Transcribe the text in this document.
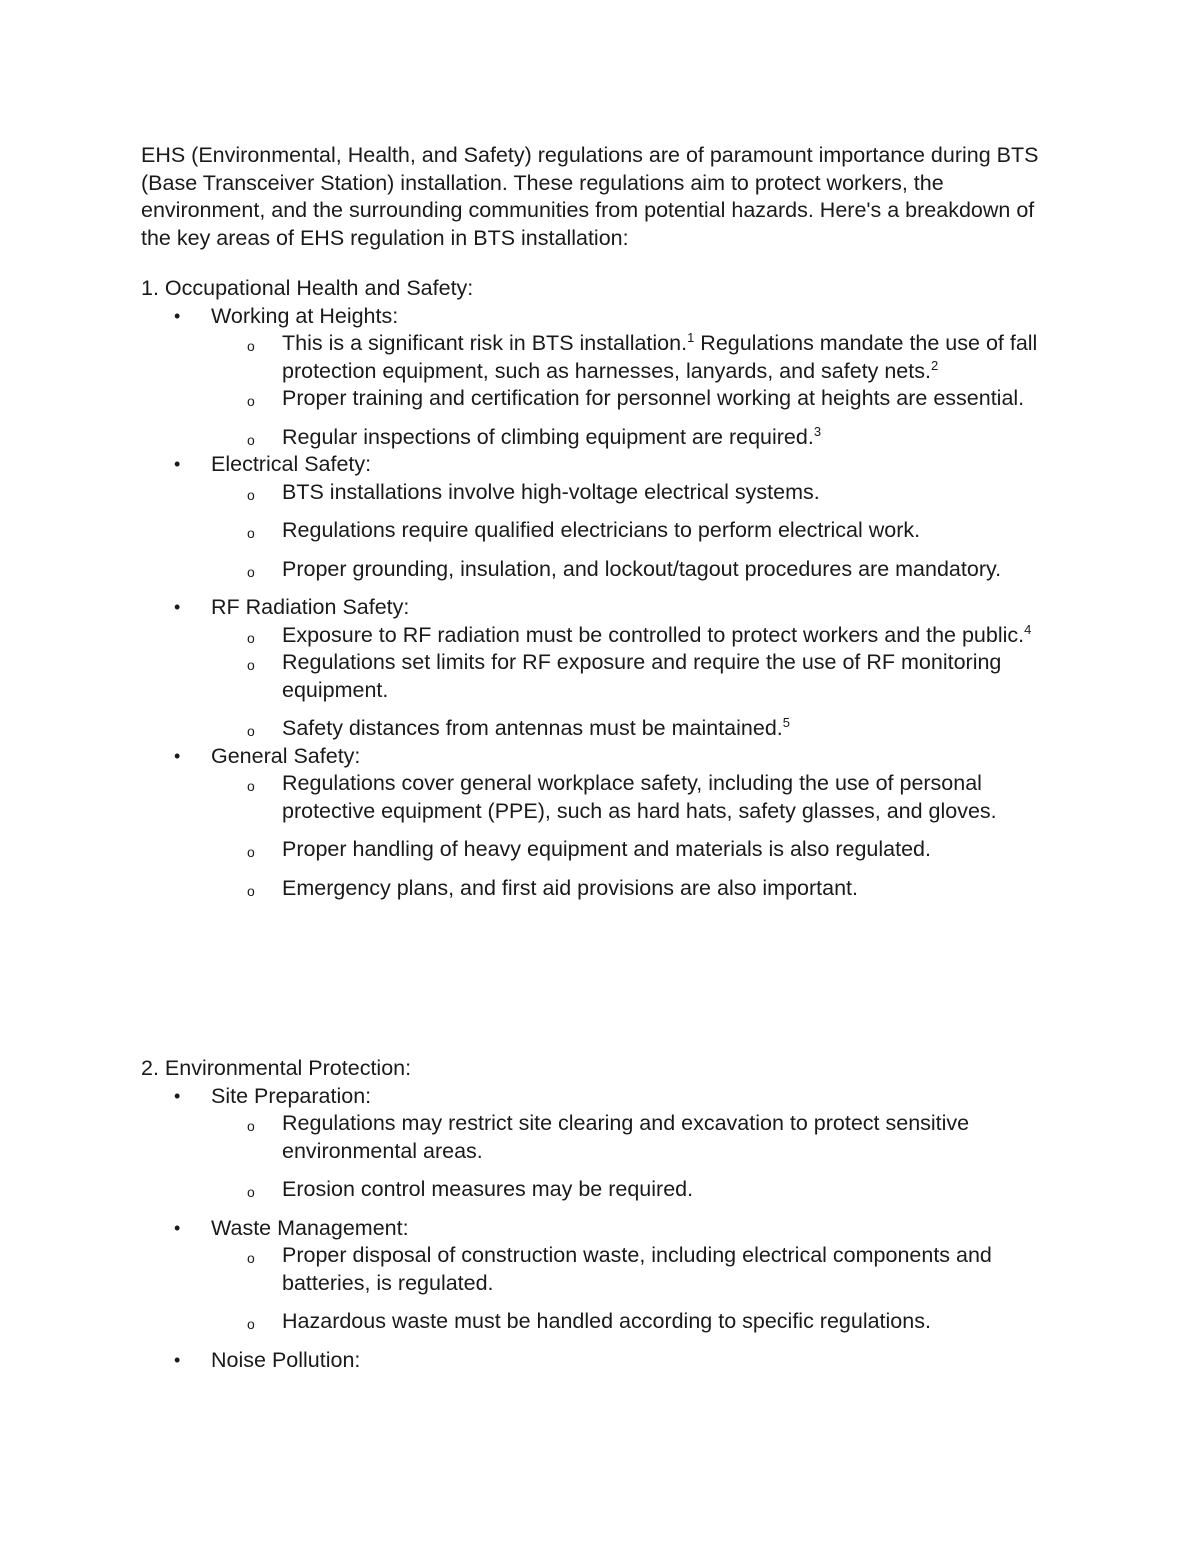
EHS (Environmental, Health, and Safety) regulations are of paramount importance during BTS (Base Transceiver Station) installation. These regulations aim to protect workers, the environment, and the surrounding communities from potential hazards. Here's a breakdown of the key areas of EHS regulation in BTS installation:

1. Occupational Health and Safety:
• Working at Heights:
o This is a significant risk in BTS installation.$^1$ Regulations mandate the use of fall protection equipment, such as harnesses, lanyards, and safety nets.$^2$
o Proper training and certification for personnel working at heights are essential.
o Regular inspections of climbing equipment are required.$^3$
• Electrical Safety:
o BTS installations involve high-voltage electrical systems.
o Regulations require qualified electricians to perform electrical work.
o Proper grounding, insulation, and lockout/tagout procedures are mandatory.
• RF Radiation Safety:
o Exposure to RF radiation must be controlled to protect workers and the public.$^4$
o Regulations set limits for RF exposure and require the use of RF monitoring equipment.
o Safety distances from antennas must be maintained.$^5$
• General Safety:
o Regulations cover general workplace safety, including the use of personal protective equipment (PPE), such as hard hats, safety glasses, and gloves.
o Proper handling of heavy equipment and materials is also regulated.
o Emergency plans, and first aid provisions are also important.
2. Environmental Protection:
• Site Preparation:
o Regulations may restrict site clearing and excavation to protect sensitive environmental areas.
o Erosion control measures may be required.
• Waste Management:
o Proper disposal of construction waste, including electrical components and batteries, is regulated.
o Hazardous waste must be handled according to specific regulations.
• Noise Pollution:
